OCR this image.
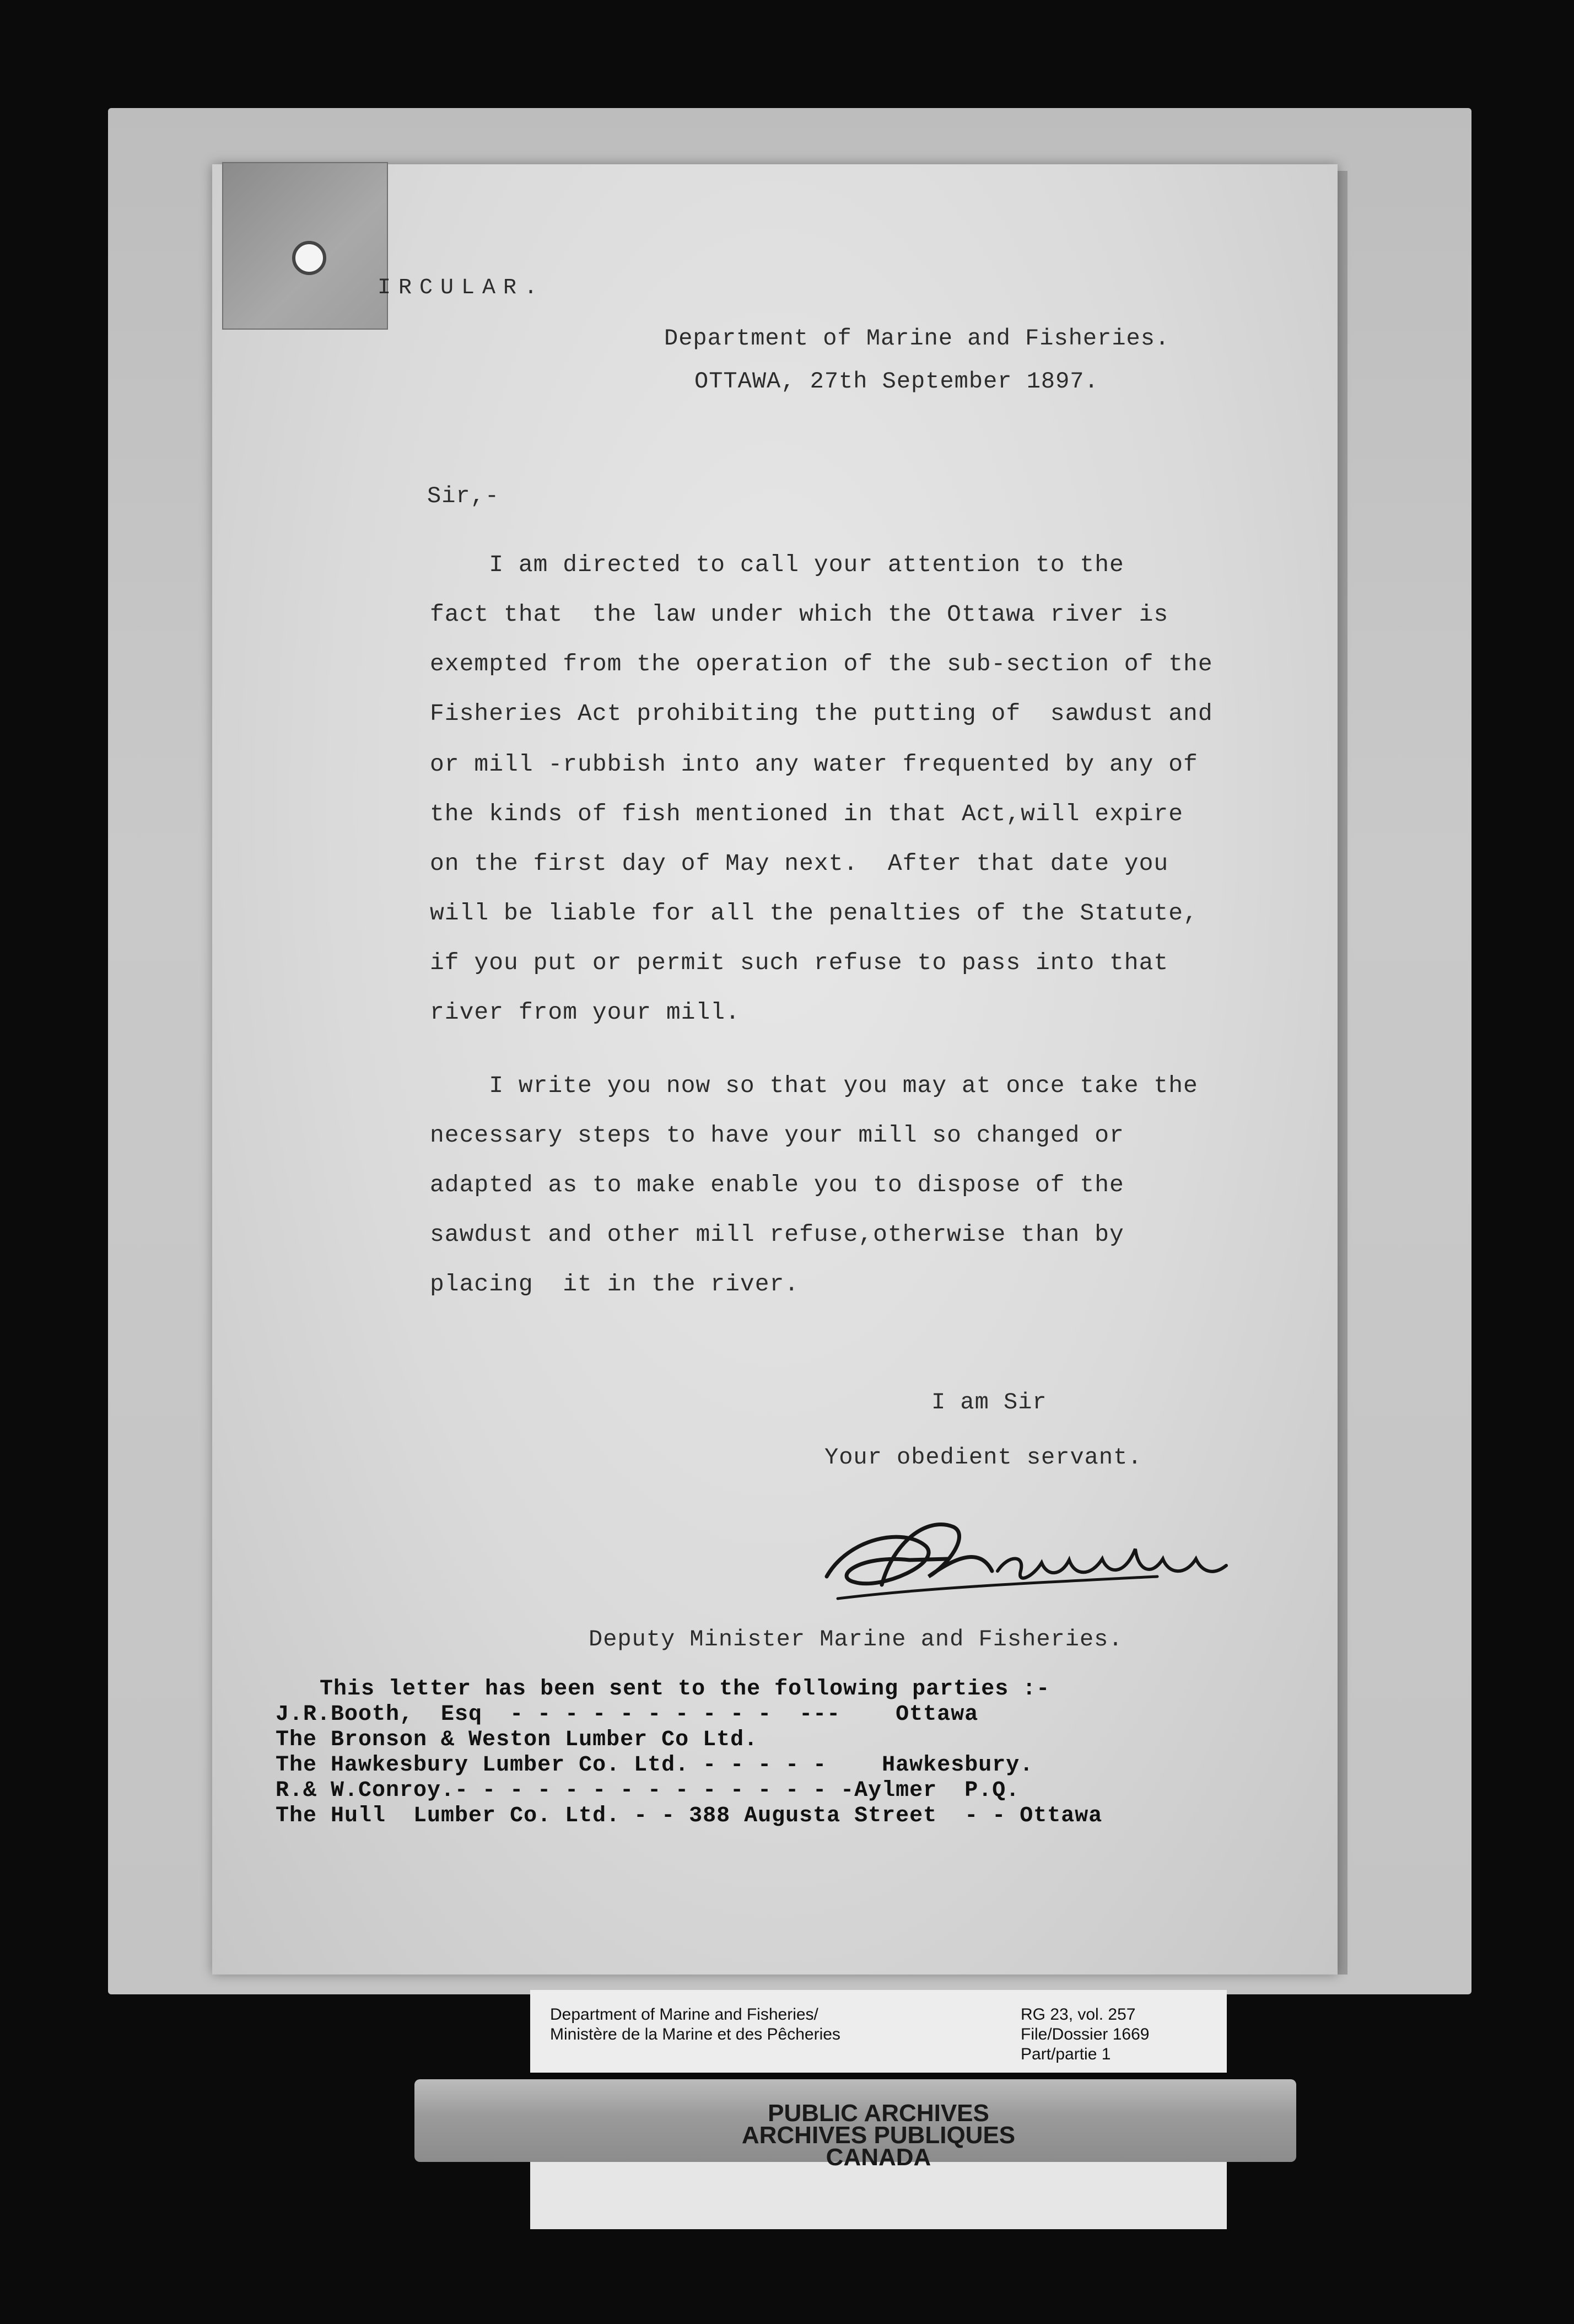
IRCULAR.
Department of Marine and Fisheries.
OTTAWA, 27th September 1897.
Sir,-
I am directed to call your attention to the
fact that  the law under which the Ottawa river is
exempted from the operation of the sub-section of the
Fisheries Act prohibiting the putting of  sawdust and
or mill -rubbish into any water frequented by any of
the kinds of fish mentioned in that Act,will expire
on the first day of May next.  After that date you
will be liable for all the penalties of the Statute,
if you put or permit such refuse to pass into that
river from your mill.
I write you now so that you may at once take the
necessary steps to have your mill so changed or
adapted as to make enable you to dispose of the
sawdust and other mill refuse,otherwise than by
placing  it in the river.
I am Sir
Your obedient servant.
Deputy Minister Marine and Fisheries.
This letter has been sent to the following parties :-
J.R.Booth,  Esq  - - - - - - - - - -  ---    Ottawa
The Bronson & Weston Lumber Co Ltd.
The Hawkesbury Lumber Co. Ltd. - - - - -    Hawkesbury.
R.& W.Conroy.- - - - - - - - - - - - - - -Aylmer  P.Q.
The Hull  Lumber Co. Ltd. - - 388 Augusta Street  - - Ottawa
Department of Marine and Fisheries/
Ministère de la Marine et des Pêcheries
RG 23, vol. 257
File/Dossier 1669
Part/partie 1
PUBLIC ARCHIVES
ARCHIVES PUBLIQUES
CANADA
